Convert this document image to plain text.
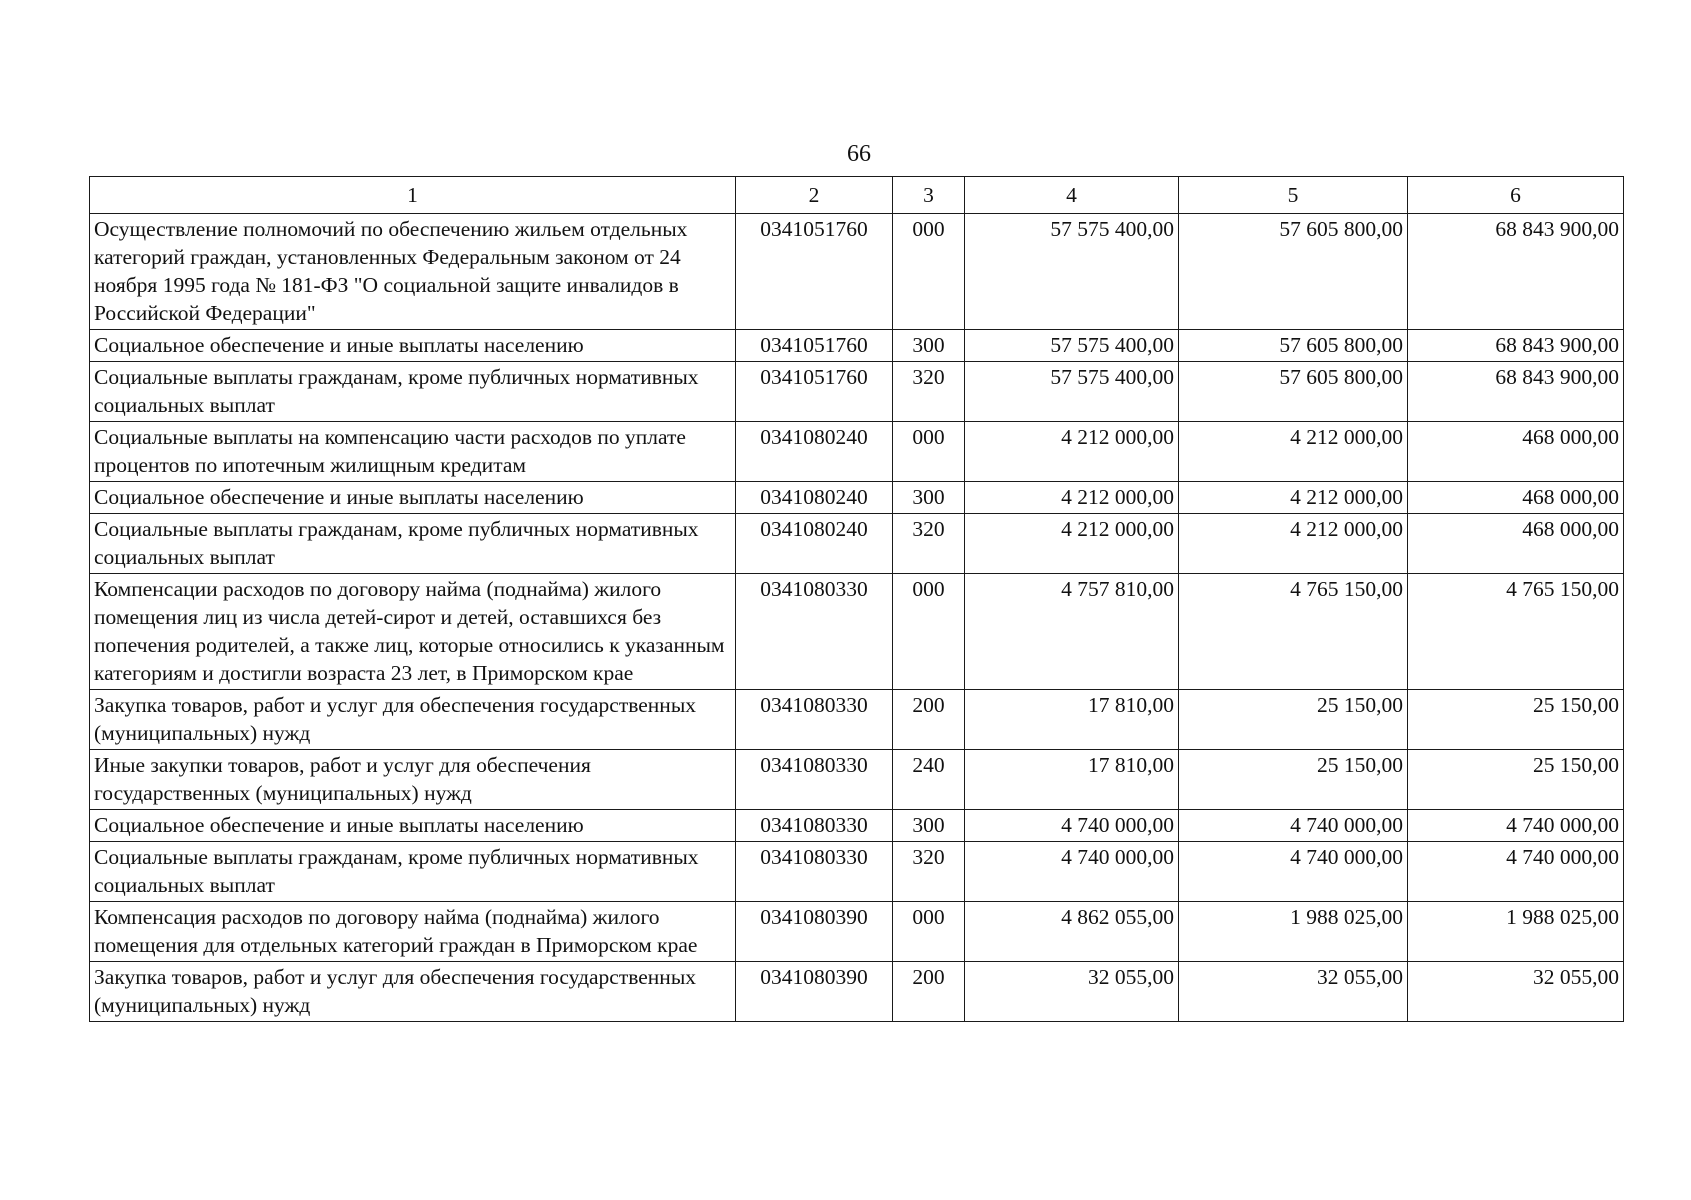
66
1	2	3	4	5	6
Осуществление полномочий по обеспечению жильем отдельных категорий граждан, установленных Федеральным законом от 24 ноября 1995 года № 181-ФЗ "О социальной защите инвалидов в Российской Федерации"	0341051760	000	57 575 400,00	57 605 800,00	68 843 900,00
Социальное обеспечение и иные выплаты населению	0341051760	300	57 575 400,00	57 605 800,00	68 843 900,00
Социальные выплаты гражданам, кроме публичных нормативных социальных выплат	0341051760	320	57 575 400,00	57 605 800,00	68 843 900,00
Социальные выплаты на компенсацию части расходов по уплате процентов по ипотечным жилищным кредитам	0341080240	000	4 212 000,00	4 212 000,00	468 000,00
Социальное обеспечение и иные выплаты населению	0341080240	300	4 212 000,00	4 212 000,00	468 000,00
Социальные выплаты гражданам, кроме публичных нормативных социальных выплат	0341080240	320	4 212 000,00	4 212 000,00	468 000,00
Компенсации расходов по договору найма (поднайма) жилого помещения лиц из числа детей-сирот и детей, оставшихся без попечения родителей, а также лиц, которые относились к указанным категориям и достигли возраста 23 лет, в Приморском крае	0341080330	000	4 757 810,00	4 765 150,00	4 765 150,00
Закупка товаров, работ и услуг для обеспечения государственных (муниципальных) нужд	0341080330	200	17 810,00	25 150,00	25 150,00
Иные закупки товаров, работ и услуг для обеспечения государственных (муниципальных) нужд	0341080330	240	17 810,00	25 150,00	25 150,00
Социальное обеспечение и иные выплаты населению	0341080330	300	4 740 000,00	4 740 000,00	4 740 000,00
Социальные выплаты гражданам, кроме публичных нормативных социальных выплат	0341080330	320	4 740 000,00	4 740 000,00	4 740 000,00
Компенсация расходов по договору найма (поднайма) жилого помещения для отдельных категорий граждан в Приморском крае	0341080390	000	4 862 055,00	1 988 025,00	1 988 025,00
Закупка товаров, работ и услуг для обеспечения государственных (муниципальных) нужд	0341080390	200	32 055,00	32 055,00	32 055,00
